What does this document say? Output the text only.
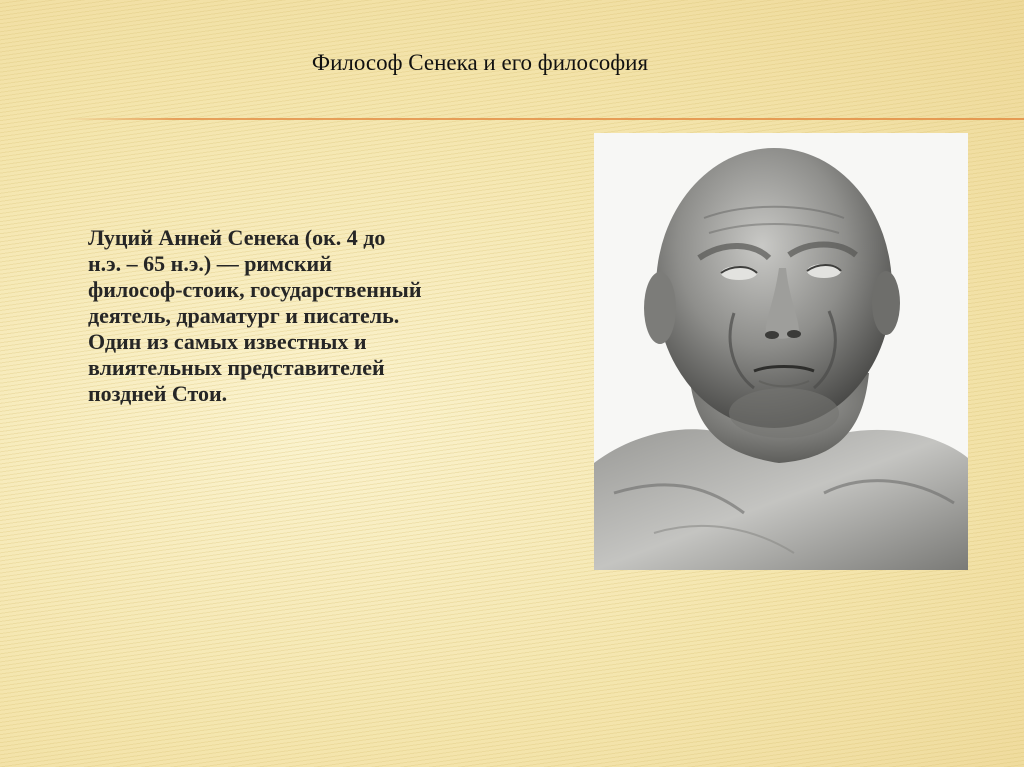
Философ Сенека и его философия
Луций Анней Сенека (ок. 4 до
н.э. – 65 н.э.) — римский
философ-стоик, государственный
деятель, драматург и писатель.
Один из самых известных и
влиятельных представителей
поздней Стои.
